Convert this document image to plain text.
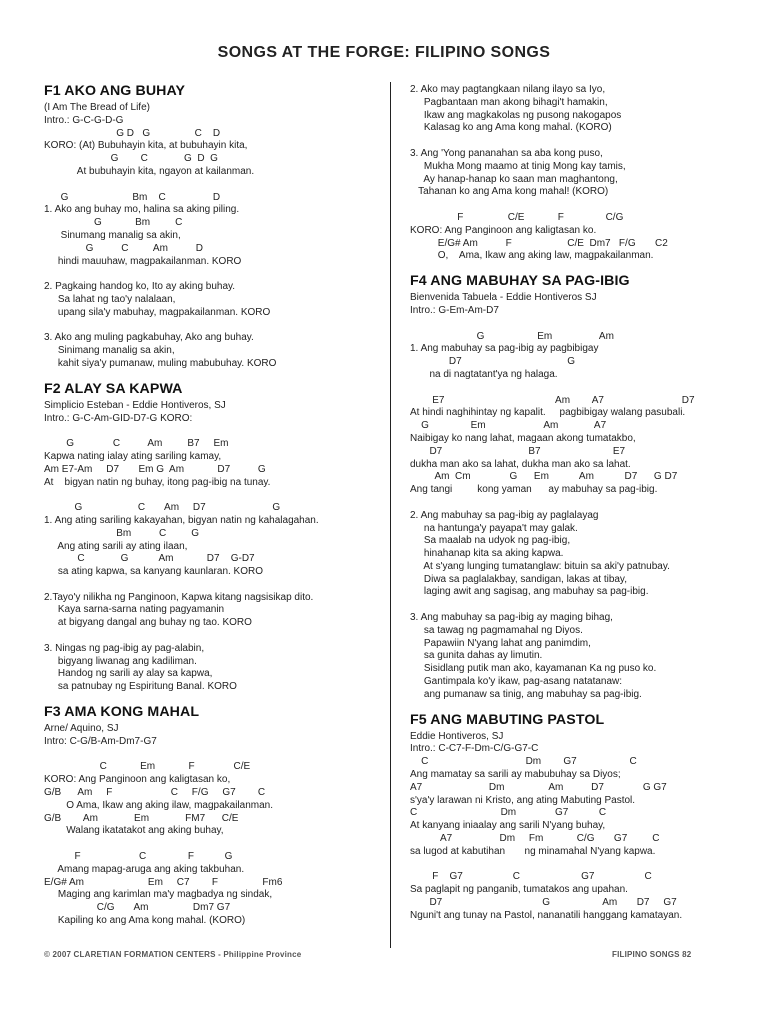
SONGS AT THE FORGE: FILIPINO SONGS
F1 AKO ANG BUHAY
(I Am The Bread of Life)
Intro.: G-C-G-D-G
G D   G                C    D
KORO: (At) Bubuhayin kita, at bubuhayin kita,
G        C             G  D  G
At bubuhayin kita, ngayon at kailanman.
G                       Bm    C                 D
1. Ako ang buhay mo, halina sa aking piling.
G            Bm         C
Sinumang manalig sa akin,
G          C         Am          D
hindi mauuhaw, magpakailanman. KORO
2. Pagkaing handog ko, Ito ay aking buhay.
Sa lahat ng tao'y nalalaan,
upang sila'y mabuhay, magpakailanman. KORO
3. Ako ang muling pagkabuhay, Ako ang buhay.
Sinimang manalig sa akin,
kahit siya'y pumanaw, muling mabubuhay. KORO
F2 ALAY SA KAPWA
Simplicio Esteban - Eddie Hontiveros, SJ
Intro.: G-C-Am-GID-D7-G KORO:
G              C          Am         B7     Em
Kapwa nating ialay ating sariling kamay,
Am E7-Am     D7       Em G  Am            D7          G
At    bigyan natin ng buhay, itong pag-ibig na tunay.
G                    C       Am     D7                        G
1. Ang ating sariling kakayahan, bigyan natin ng kahalagahan.
Bm          C         G
Ang ating sarili ay ating ilaan,
C             G           Am            D7    G-D7
sa ating kapwa, sa kanyang kaunlaran. KORO
2.Tayo'y nilikha ng Panginoon, Kapwa kitang nagsisikap dito.
Kaya sarna-sarna nating pagyamanin
at bigyang dangal ang buhay ng tao. KORO
3. Ningas ng pag-ibig ay pag-alabin,
bigyang liwanag ang kadiliman.
Handog ng sarili ay alay sa kapwa,
sa patnubay ng Espiritung Banal. KORO
F3 AMA KONG MAHAL
Arne/ Aquino, SJ
Intro: C-G/B-Am-Dm7-G7
C            Em            F              C/E
KORO: Ang Panginoon ang kaligtasan ko,
G/B      Am     F                     C     F/G     G7        C
O Ama, Ikaw ang aking ilaw, magpakailanman.
G/B        Am             Em             FM7      C/E
Walang ikatatakot ang aking buhay,
F                     C               F           G
Amang mapag-aruga ang aking takbuhan.
E/G# Am                       Em     C7        F                Fm6
Maging ang karimlan ma'y magbadya ng sindak,
C/G       Am                Dm7 G7
Kapiling ko ang Ama kong mahal. (KORO)
2. Ako may pagtangkaan nilang ilayo sa Iyo,
Pagbantaan man akong bihagi't hamakin,
Ikaw ang magkakolas ng pusong nakogapos
Kalasag ko ang Ama kong mahal. (KORO)
3. Ang 'Yong pananahan sa aba kong puso,
Mukha Mong maamo at tinig Mong kay tamis,
Ay hanap-hanap ko saan man maghantong,
Tahanan ko ang Ama kong mahal! (KORO)
F                C/E            F               C/G
KORO: Ang Panginoon ang kaligtasan ko.
E/G# Am          F                    C/E  Dm7   F/G       C2
O,    Ama, Ikaw ang aking law, magpakailanman.
F4 ANG MABUHAY SA PAG-IBIG
Bienvenida Tabuela - Eddie Hontiveros SJ
Intro.: G-Em-Am-D7
G                   Em                 Am
1. Ang mabuhay sa pag-ibig ay pagbibigay
D7                                      G
na di nagtatant'ya ng halaga.
E7                                        Am        A7                            D7
At hindi naghihintay ng kapalit.     pagbibigay walang pasubali.
G               Em                     Am             A7
Naibigay ko nang lahat, magaan akong tumatakbo,
D7                               B7                          E7
dukha man ako sa lahat, dukha man ako sa lahat.
Am  Cm              G      Em           Am           D7      G D7
Ang tangi         kong yaman      ay mabuhay sa pag-ibig.
2. Ang mabuhay sa pag-ibig ay paglalayag
na hantunga'y payapa't may galak.
Sa maalab na udyok ng pag-ibig,
hinahanap kita sa aking kapwa.
At s'yang lunging tumatanglaw: bituin sa aki'y patnubay.
Diwa sa paglalakbay, sandigan, lakas at tibay,
laging awit ang sagisag, ang mabuhay sa pag-ibig.
3. Ang mabuhay sa pag-ibig ay maging bihag,
sa tawag ng pagmamahal ng Diyos.
Papawiin N'yang lahat ang panimdim,
sa gunita dahas ay limutin.
Sisidlang putik man ako, kayamanan Ka ng puso ko.
Gantimpala ko'y ikaw, pag-asang natatanaw:
ang pumanaw sa tinig, ang mabuhay sa pag-ibig.
F5 ANG MABUTING PASTOL
Eddie Hontiveros, SJ
Intro.: C-C7-F-Dm-C/G-G7-C
C                                   Dm        G7                   C
Ang mamatay sa sarili ay mabubuhay sa Diyos;
A7                        Dm                Am          D7              G G7
s'ya'y larawan ni Kristo, ang ating Mabuting Pastol.
C                              Dm              G7           C
At kanyang iniaalay ang sarili N'yang buhay,
A7                 Dm     Fm            C/G       G7         C
sa lugod at kabutihan       ng minamahal N'yang kapwa.
F    G7                  C                      G7                  C
Sa paglapit ng panganib, tumatakos ang upahan.
D7                                    G                   Am       D7     G7
Nguni't ang tunay na Pastol, nananatili hanggang kamatayan.
© 2007 CLARETIAN FORMATION CENTERS - Philippine Province	FILIPINO SONGS 82
